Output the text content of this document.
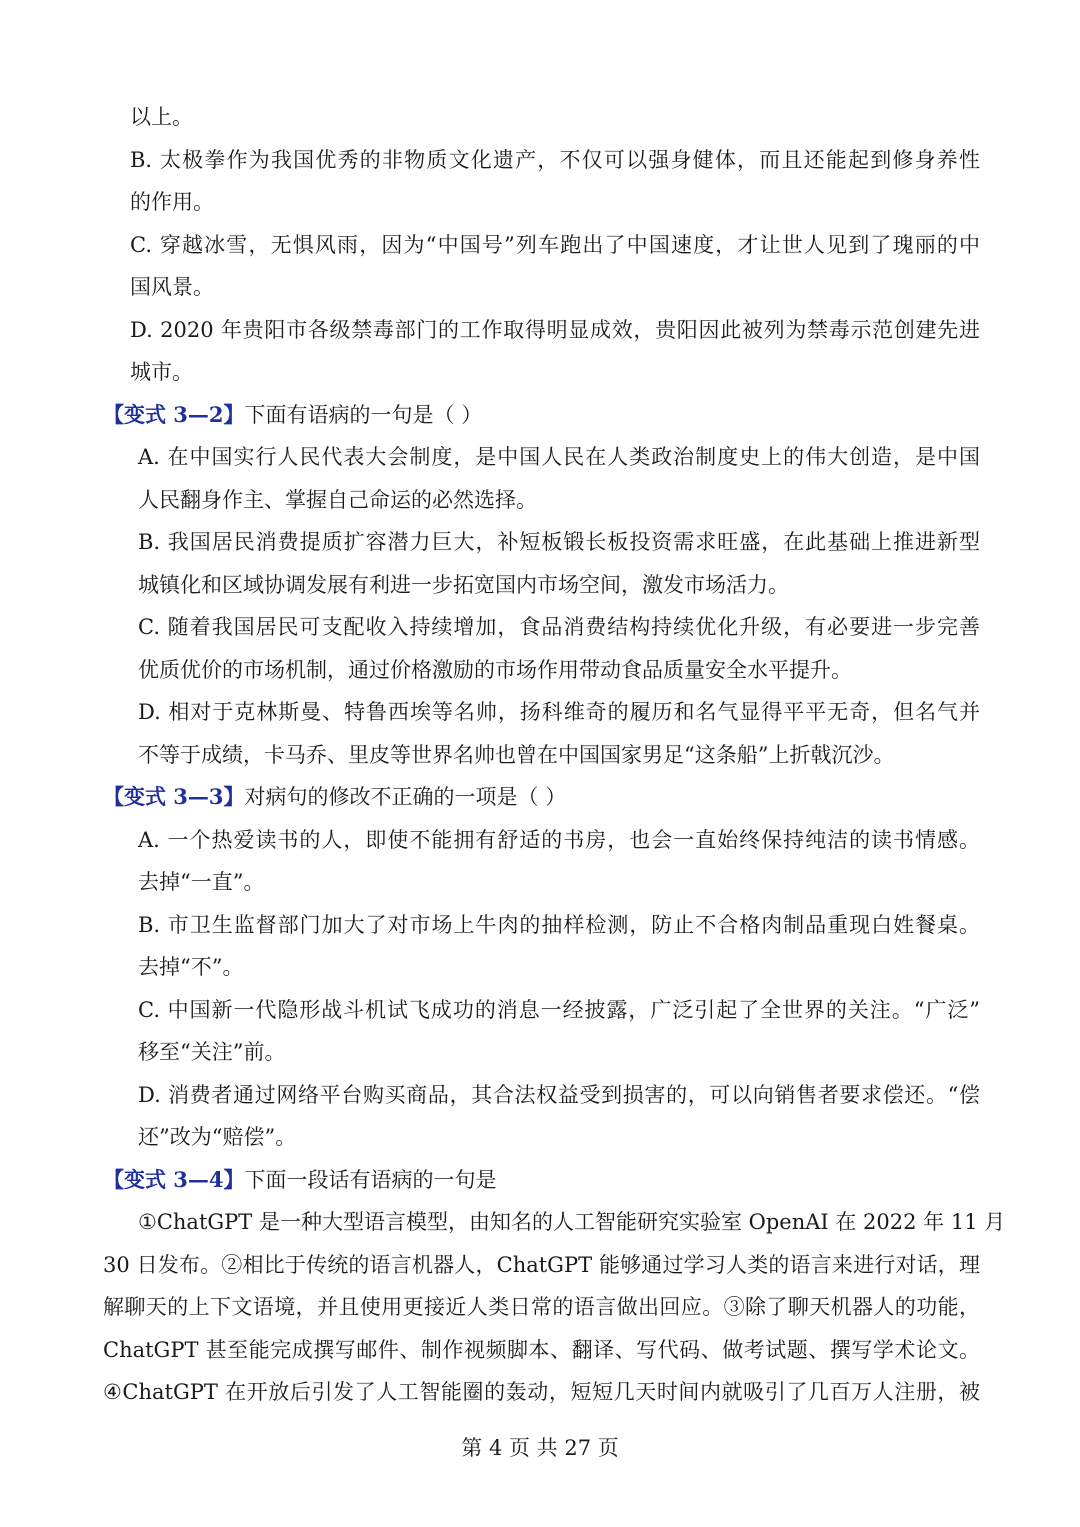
以上。
B. 太极拳作为我国优秀的非物质文化遗产，不仅可以强身健体，而且还能起到修身养性
的作用。
C. 穿越冰雪，无惧风雨，因为“中国号”列车跑出了中国速度，才让世人见到了瑰丽的中
国风景。
D. 2020 年贵阳市各级禁毒部门的工作取得明显成效，贵阳因此被列为禁毒示范创建先进
城市。
【变式 3—2】下面有语病的一句是（ ）
A. 在中国实行人民代表大会制度，是中国人民在人类政治制度史上的伟大创造，是中国
人民翻身作主、掌握自己命运的必然选择。
B. 我国居民消费提质扩容潜力巨大，补短板锻长板投资需求旺盛，在此基础上推进新型
城镇化和区域协调发展有利进一步拓宽国内市场空间，激发市场活力。
C. 随着我国居民可支配收入持续增加，食品消费结构持续优化升级，有必要进一步完善
优质优价的市场机制，通过价格激励的市场作用带动食品质量安全水平提升。
D. 相对于克林斯曼、特鲁西埃等名帅，扬科维奇的履历和名气显得平平无奇，但名气并
不等于成绩，卡马乔、里皮等世界名帅也曾在中国国家男足“这条船”上折戟沉沙。
【变式 3—3】对病句的修改不正确的一项是（ ）
A. 一个热爱读书的人，即使不能拥有舒适的书房，也会一直始终保持纯洁的读书情感。
去掉“一直”。
B. 市卫生监督部门加大了对市场上牛肉的抽样检测，防止不合格肉制品重现白姓餐桌。
去掉“不”。
C. 中国新一代隐形战斗机试飞成功的消息一经披露，广泛引起了全世界的关注。“广泛”
移至“关注”前。
D. 消费者通过网络平台购买商品，其合法权益受到损害的，可以向销售者要求偿还。“偿
还”改为“赔偿”。
【变式 3—4】下面一段话有语病的一句是
①ChatGPT 是一种大型语言模型，由知名的人工智能研究实验室 OpenAI 在 2022 年 11 月
30 日发布。②相比于传统的语言机器人，ChatGPT 能够通过学习人类的语言来进行对话，理
解聊天的上下文语境，并且使用更接近人类日常的语言做出回应。③除了聊天机器人的功能，
ChatGPT 甚至能完成撰写邮件、制作视频脚本、翻译、写代码、做考试题、撰写学术论文。
④ChatGPT 在开放后引发了人工智能圈的轰动，短短几天时间内就吸引了几百万人注册，被
第 4 页 共 27 页
